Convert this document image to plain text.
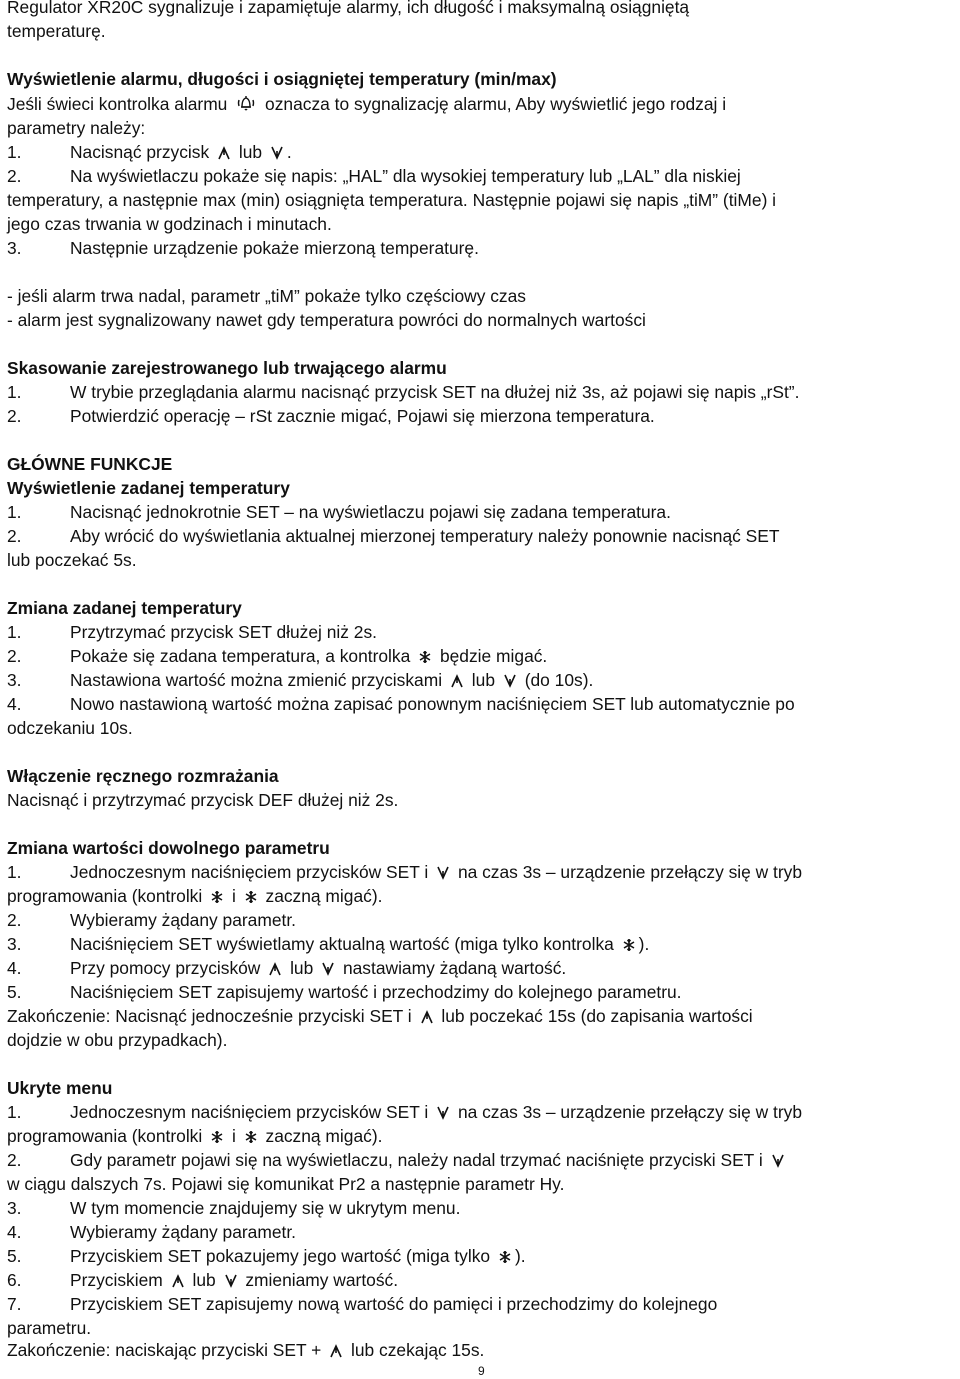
Regulator XR20C sygnalizuje i zapamiętuje alarmy, ich długość i maksymalną osiągniętą
temperaturę.
Wyświetlenie alarmu, długości i osiągniętej temperatury (min/max)
Jeśli świeci kontrolka alarmu oznacza to sygnalizację alarmu, Aby wyświetlić jego rodzaj i
parametry należy:
1.	Nacisnąć przycisk lub .
2.	Na wyświetlaczu pokaże się napis: „HAL” dla wysokiej temperatury lub „LAL” dla niskiej
temperatury, a następnie max (min) osiągnięta temperatura. Następnie pojawi się napis „tiM” (tiMe) i
jego czas trwania w godzinach i minutach.
3.	Następnie urządzenie pokaże mierzoną temperaturę.
- jeśli alarm trwa nadal, parametr „tiM” pokaże tylko częściowy czas
- alarm jest sygnalizowany nawet gdy temperatura powróci do normalnych wartości
Skasowanie zarejestrowanego lub trwającego alarmu
1.	W trybie przeglądania alarmu nacisnąć przycisk SET na dłużej niż 3s, aż pojawi się napis „rSt”.
2.	Potwierdzić operację – rSt zacznie migać, Pojawi się mierzona temperatura.
GŁÓWNE FUNKCJE
Wyświetlenie zadanej temperatury
1.	Nacisnąć jednokrotnie SET – na wyświetlaczu pojawi się zadana temperatura.
2.	Aby wrócić do wyświetlania aktualnej mierzonej temperatury należy ponownie nacisnąć SET
lub poczekać 5s.
Zmiana zadanej temperatury
1.	Przytrzymać przycisk SET dłużej niż 2s.
2.	Pokaże się zadana temperatura, a kontrolka będzie migać.
3.	Nastawiona wartość można zmienić przyciskami lub (do 10s).
4.	Nowo nastawioną wartość można zapisać ponownym naciśnięciem SET lub automatycznie po
odczekaniu 10s.
Włączenie ręcznego rozmrażania
Nacisnąć i przytrzymać przycisk DEF dłużej niż 2s.
Zmiana wartości dowolnego parametru
1.	Jednoczesnym naciśnięciem przycisków SET i na czas 3s – urządzenie przełączy się w tryb
programowania (kontrolki i zaczną migać).
2.	Wybieramy żądany parametr.
3.	Naciśnięciem SET wyświetlamy aktualną wartość (miga tylko kontrolka ).
4.	Przy pomocy przycisków lub nastawiamy żądaną wartość.
5.	Naciśnięciem SET zapisujemy wartość i przechodzimy do kolejnego parametru.
Zakończenie: Nacisnąć jednocześnie przyciski SET i lub poczekać 15s (do zapisania wartości
dojdzie w obu przypadkach).
Ukryte menu
1.	Jednoczesnym naciśnięciem przycisków SET i na czas 3s – urządzenie przełączy się w tryb
programowania (kontrolki i zaczną migać).
2.	Gdy parametr pojawi się na wyświetlaczu, należy nadal trzymać naciśnięte przyciski SET i
w ciągu dalszych 7s. Pojawi się komunikat Pr2 a następnie parametr Hy.
3.	W tym momencie znajdujemy się w ukrytym menu.
4.	Wybieramy żądany parametr.
5.	Przyciskiem SET pokazujemy jego wartość (miga tylko ).
6.	Przyciskiem lub zmieniamy wartość.
7.	Przyciskiem SET zapisujemy nową wartość do pamięci i przechodzimy do kolejnego
parametru.
Zakończenie: naciskając przyciski SET + lub czekając 15s.
9
